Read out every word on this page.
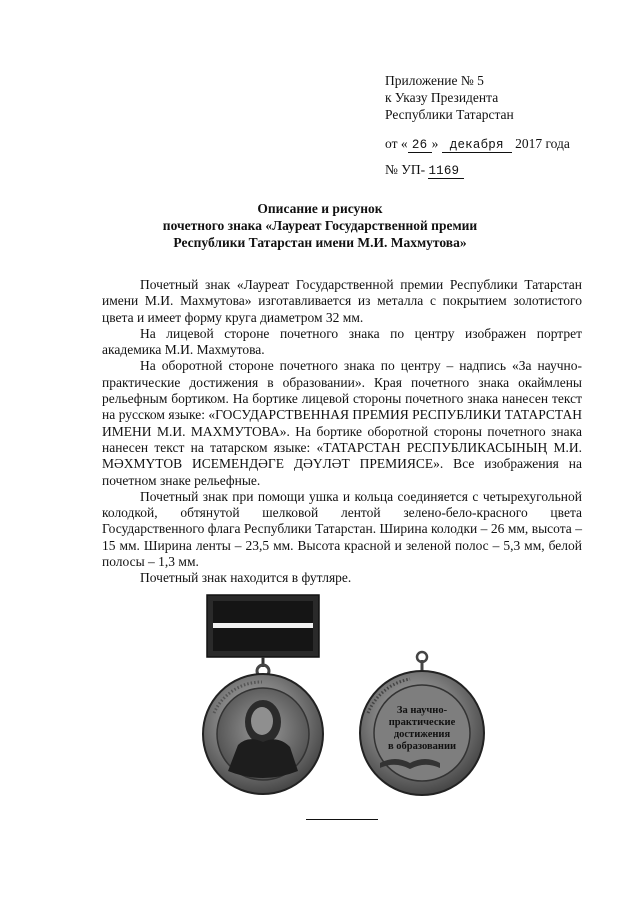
Приложение № 5
к Указу Президента
Республики Татарстан
от « 26 » декабря 2017 года
№ УП- 1169
Описание и рисунок
почетного знака «Лауреат Государственной премии
Республики Татарстан имени М.И. Махмутова»

Почетный знак «Лауреат Государственной премии Республики Татарстан имени М.И. Махмутова» изготавливается из металла с покрытием золотистого цвета и имеет форму круга диаметром 32 мм.

На лицевой стороне почетного знака по центру изображен портрет академика М.И. Махмутова.

На оборотной стороне почетного знака по центру – надпись «За научно-практические достижения в образовании». Края почетного знака окаймлены рельефным бортиком. На бортике лицевой стороны почетного знака нанесен текст на русском языке: «ГОСУДАРСТВЕННАЯ ПРЕМИЯ РЕСПУБЛИКИ ТАТАРСТАН ИМЕНИ М.И. МАХМУТОВА». На бортике оборотной стороны почетного знака нанесен текст на татарском языке: «ТАТАРСТАН РЕСПУБЛИКАСЫНЫҢ М.И. МӘХМҮТОВ ИСЕМЕНДӘГЕ ДӘҮЛӘТ ПРЕМИЯСЕ». Все изображения на почетном знаке рельефные.

Почетный знак при помощи ушка и кольца соединяется с четырехугольной колодкой, обтянутой шелковой лентой зелено-бело-красного цвета Государственного флага Республики Татарстан. Ширина колодки – 26 мм, высота – 15 мм. Ширина ленты – 23,5 мм. Высота красной и зеленой полос – 5,3 мм, белой полосы – 1,3 мм.

Почетный знак находится в футляре.

За научно-
практические
достижения
в образовании
